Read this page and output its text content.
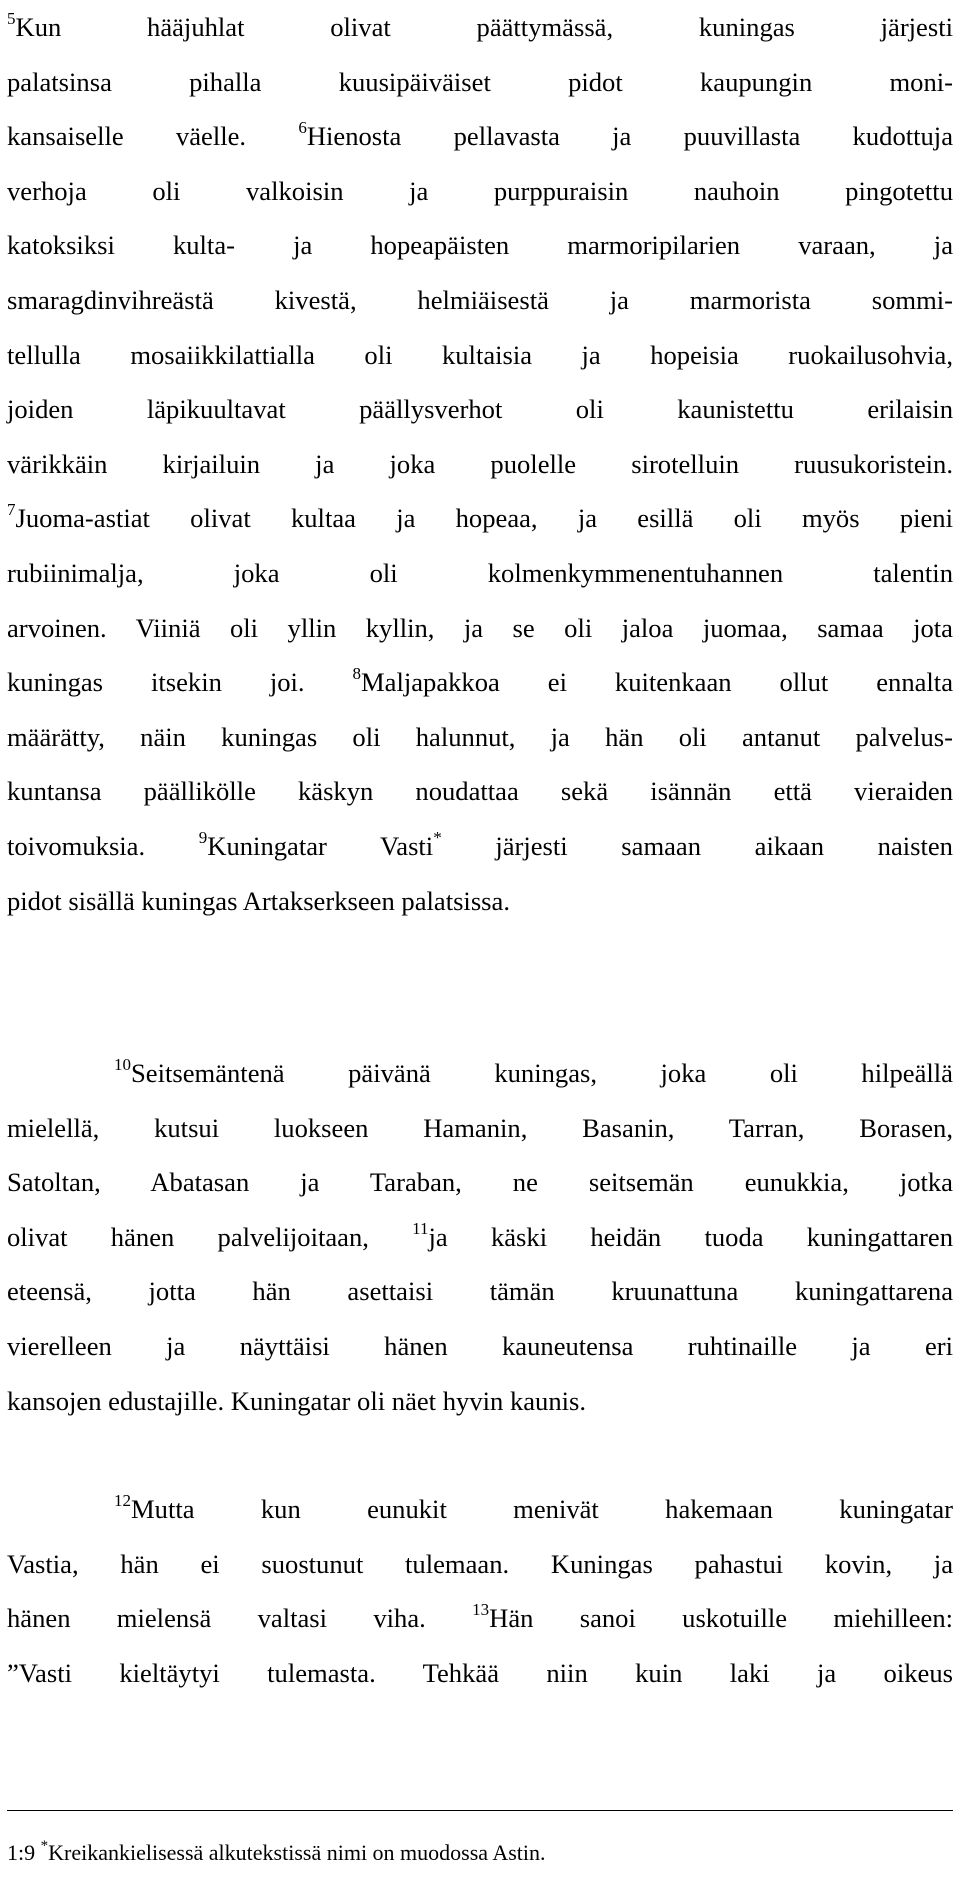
$^5$Kun hääjuhlat olivat päättymässä, kuningas järjesti
palatsinsa pihalla kuusipäiväiset pidot kaupungin moni-
kansaiselle väelle. $^6$Hienosta pellavasta ja puuvillasta kudottuja
verhoja oli valkoisin ja purppuraisin nauhoin pingotettu
katoksiksi kulta- ja hopeapäisten marmoripilarien varaan, ja
smaragdinvihreästä kivestä, helmiäisestä ja marmorista sommi-
tellulla mosaiikkilattialla oli kultaisia ja hopeisia ruokailusohvia,
joiden läpikuultavat päällysverhot oli kaunistettu erilaisin
värikkäin kirjailuin ja joka puolelle sirotelluin ruusukoristein.
$^7$Juoma-astiat olivat kultaa ja hopeaa, ja esillä oli myös pieni
rubiinimalja, joka oli kolmenkymmenentuhannen talentin
arvoinen. Viiniä oli yllin kyllin, ja se oli jaloa juomaa, samaa jota
kuningas itsekin joi. $^8$Maljapakkoa ei kuitenkaan ollut ennalta
määrätty, näin kuningas oli halunnut, ja hän oli antanut palvelus-
kuntansa päällikölle käskyn noudattaa sekä isännän että vieraiden
toivomuksia. $^9$Kuningatar Vasti* järjesti samaan aikaan naisten
pidot sisällä kuningas Artakserkseen palatsissa.
$^{10}$Seitsemäntenä päivänä kuningas, joka oli hilpeällä
mielellä, kutsui luokseen Hamanin, Basanin, Tarran, Borasen,
Satoltan, Abatasan ja Taraban, ne seitsemän eunukkia, jotka
olivat hänen palvelijoitaan, $^{11}$ja käski heidän tuoda kuningattaren
eteensä, jotta hän asettaisi tämän kruunattuna kuningattarena
vierelleen ja näyttäisi hänen kauneutensa ruhtinaille ja eri
kansojen edustajille. Kuningatar oli näet hyvin kaunis.
$^{12}$Mutta kun eunukit menivät hakemaan kuningatar
Vastia, hän ei suostunut tulemaan. Kuningas pahastui kovin, ja
hänen mielensä valtasi viha. $^{13}$Hän sanoi uskotuille miehilleen:
”Vasti kieltäytyi tulemasta. Tehkää niin kuin laki ja oikeus
1:9 *Kreikankielisessä alkutekstissä nimi on muodossa Astin.
